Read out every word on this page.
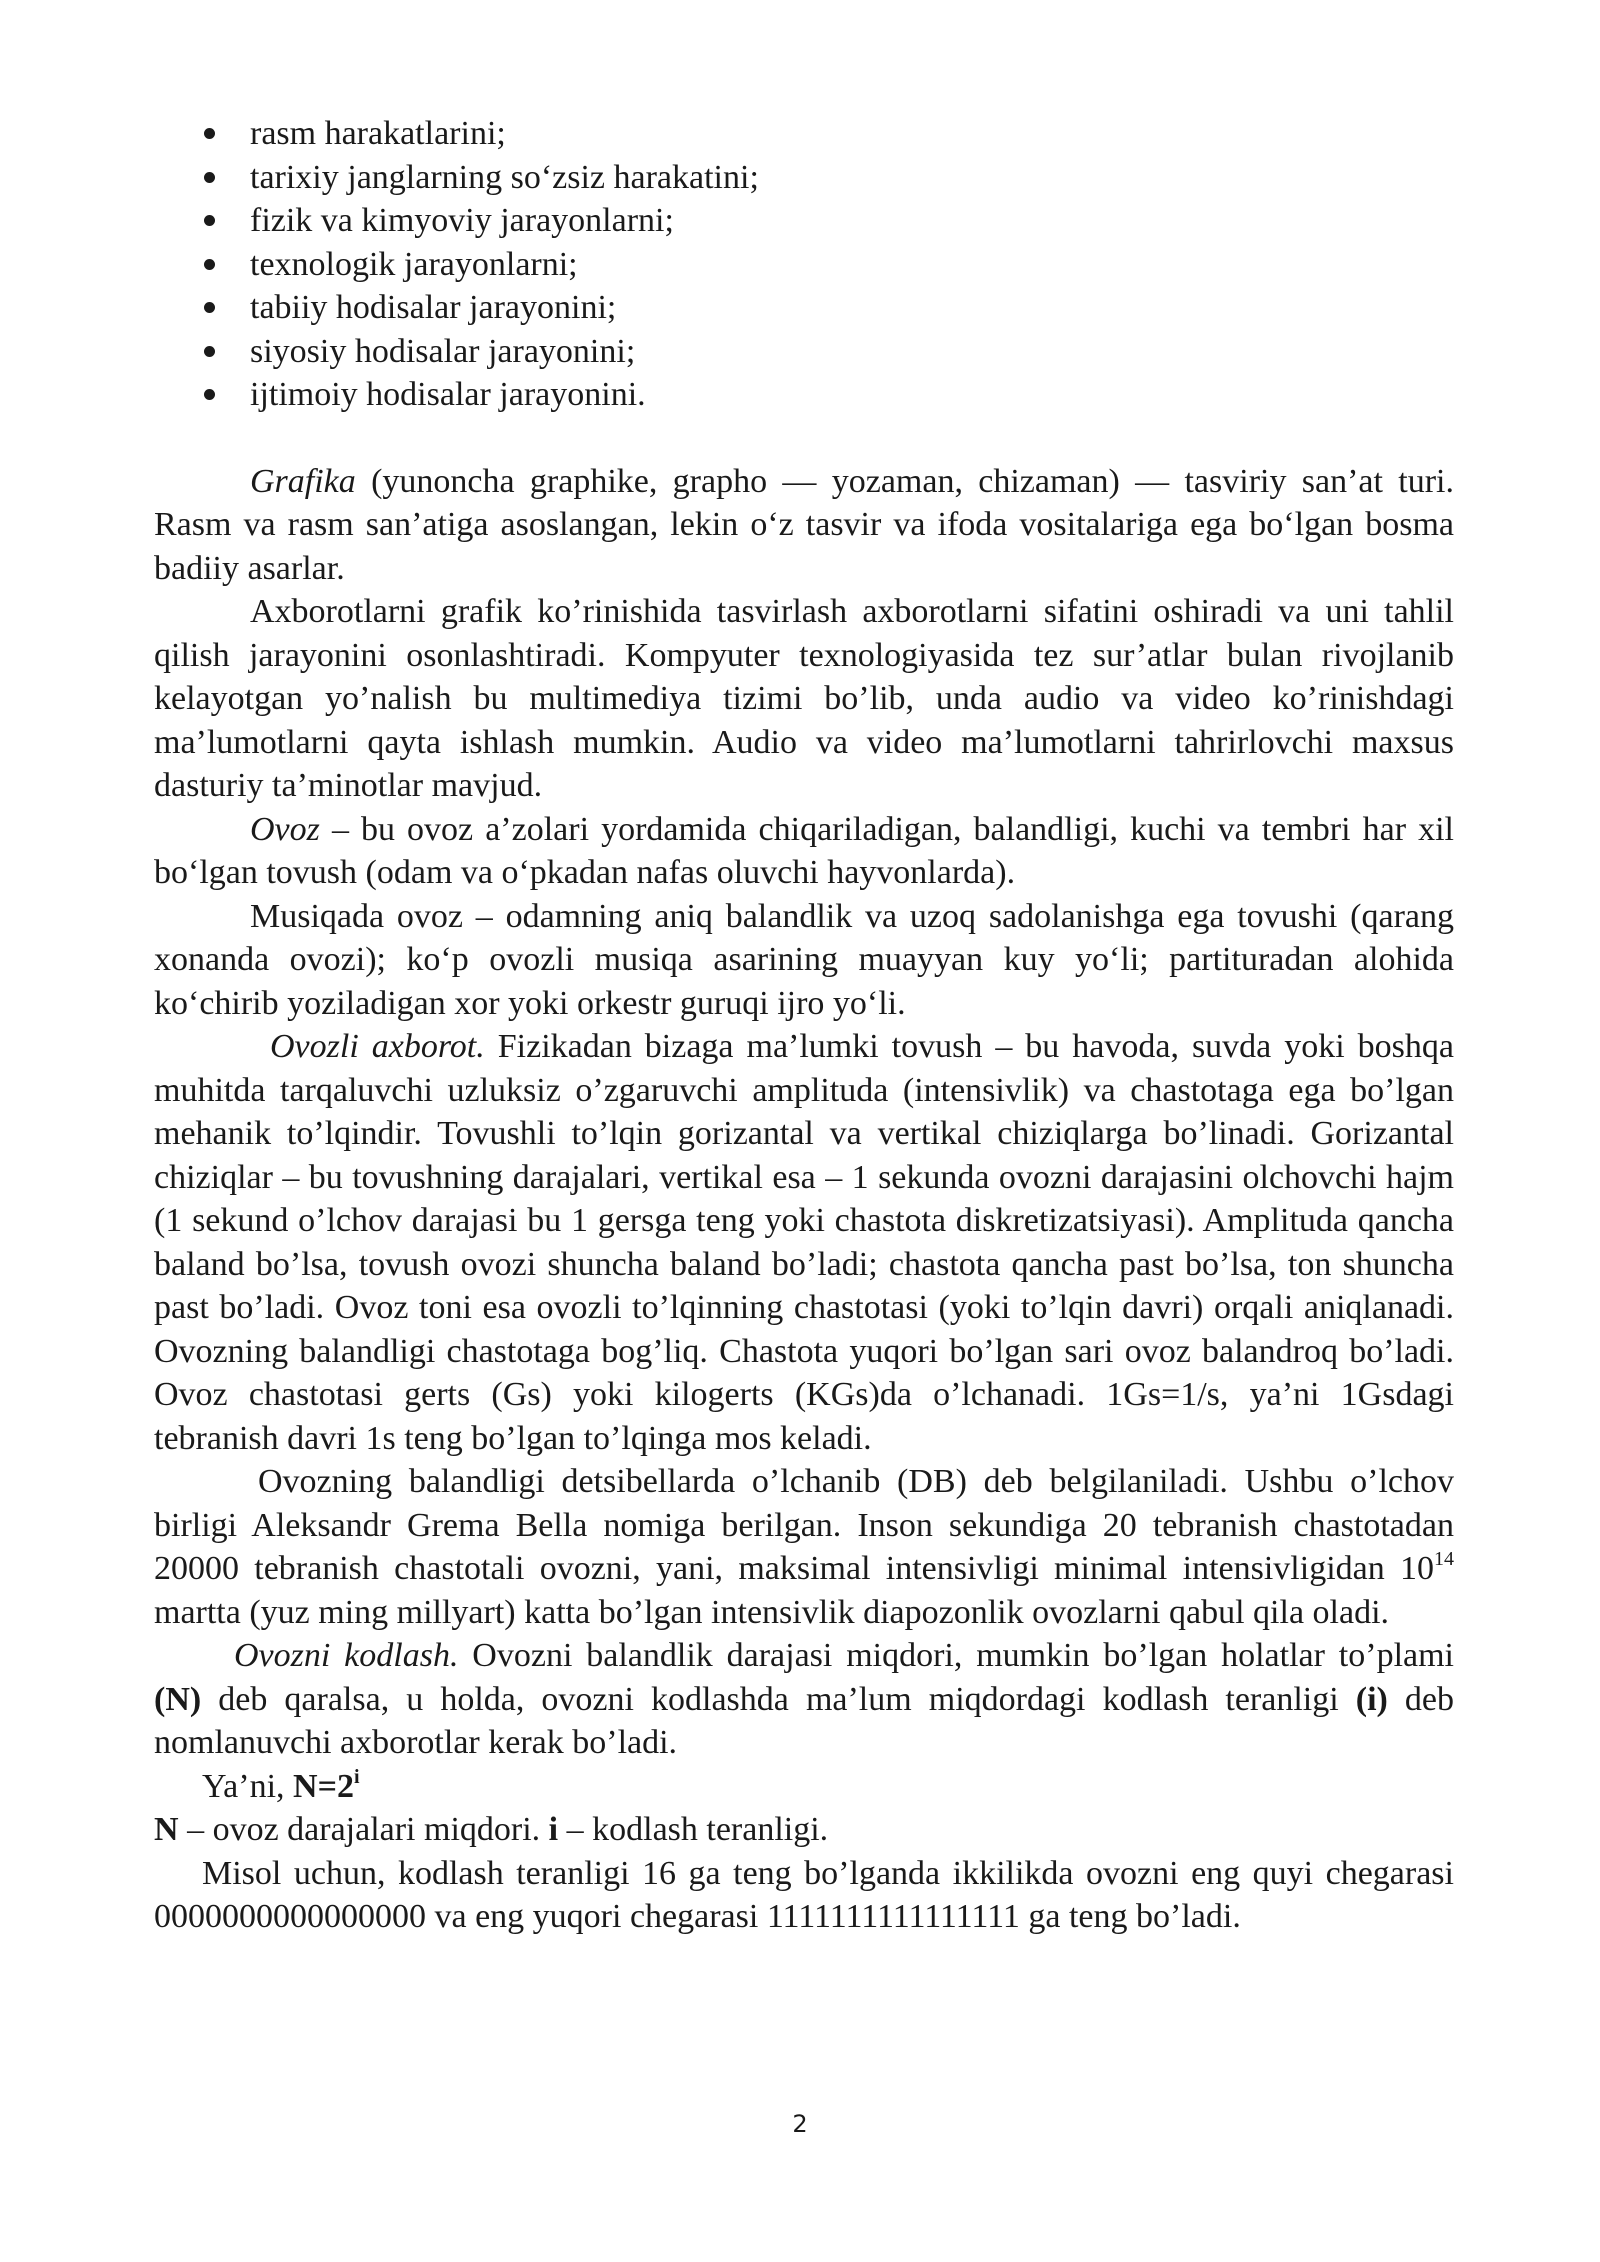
rasm harakatlarini;
tarixiy janglarning so‘zsiz harakatini;
fizik va kimyoviy jarayonlarni;
texnologik jarayonlarni;
tabiiy hodisalar jarayonini;
siyosiy hodisalar jarayonini;
ijtimoiy hodisalar jarayonini.

Grafika (yunoncha graphike, grapho — yozaman, chizaman) — tasviriy san’at turi. Rasm va rasm san’atiga asoslangan, lekin o‘z tasvir va ifoda vositalariga ega bo‘lgan bosma badiiy asarlar.

Axborotlarni grafik ko’rinishida tasvirlash axborotlarni sifatini oshiradi va uni tahlil qilish jarayonini osonlashtiradi. Kompyuter texnologiyasida tez sur’atlar bulan rivojlanib kelayotgan yo’nalish bu multimediya tizimi bo’lib, unda audio va video ko’rinishdagi ma’lumotlarni qayta ishlash mumkin. Audio va video ma’lumotlarni tahrirlovchi maxsus dasturiy ta’minotlar mavjud.

Ovoz – bu ovoz a’zolari yordamida chiqariladigan, balandligi, kuchi va tembri har xil bo‘lgan tovush (odam va o‘pkadan nafas oluvchi hayvonlarda).

Musiqada ovoz – odamning aniq balandlik va uzoq sadolanishga ega tovushi (qarang xonanda ovozi); ko‘p ovozli musiqa asarining muayyan kuy yo‘li; partituradan alohida ko‘chirib yoziladigan xor yoki orkestr guruqi ijro yo‘li.

Ovozli axborot. Fizikadan bizaga ma’lumki tovush – bu havoda, suvda yoki boshqa muhitda tarqaluvchi uzluksiz o’zgaruvchi amplituda (intensivlik) va chastotaga ega bo’lgan mehanik to’lqindir. Tovushli to’lqin gorizantal va vertikal chiziqlarga bo’linadi. Gorizantal chiziqlar – bu tovushning darajalari, vertikal esa – 1 sekunda ovozni darajasini olchovchi hajm (1 sekund o’lchov darajasi bu 1 gersga teng yoki chastota diskretizatsiyasi). Amplituda qancha baland bo’lsa, tovush ovozi shuncha baland bo’ladi; chastota qancha past bo’lsa, ton shuncha past bo’ladi. Ovoz toni esa ovozli to’lqinning chastotasi (yoki to’lqin davri) orqali aniqlanadi. Ovozning balandligi chastotaga bog’liq. Chastota yuqori bo’lgan sari ovoz balandroq bo’ladi. Ovoz chastotasi gerts (Gs) yoki kilogerts (KGs)da o’lchanadi. 1Gs=1/s, ya’ni 1Gsdagi tebranish davri 1s teng bo’lgan to’lqinga mos keladi.

Ovozning balandligi detsibellarda o’lchanib (DB) deb belgilaniladi. Ushbu o’lchov birligi Aleksandr Grema Bella nomiga berilgan. Inson sekundiga 20 tebranish chastotadan 20000 tebranish chastotali ovozni, yani, maksimal intensivligi minimal intensivligidan $10^{14}$ martta (yuz ming millyart) katta bo’lgan intensivlik diapozonlik ovozlarni qabul qila oladi.

Ovozni kodlash. Ovozni balandlik darajasi miqdori, mumkin bo’lgan holatlar to’plami (N) deb qaralsa, u holda, ovozni kodlashda ma’lum miqdordagi kodlash teranligi (i) deb nomlanuvchi axborotlar kerak bo’ladi.

Ya’ni, $N=2^i$

N – ovoz darajalari miqdori. i – kodlash teranligi.

Misol uchun, kodlash teranligi 16 ga teng bo’lganda ikkilikda ovozni eng quyi chegarasi 0000000000000000 va eng yuqori chegarasi 1111111111111111 ga teng bo’ladi.

2
